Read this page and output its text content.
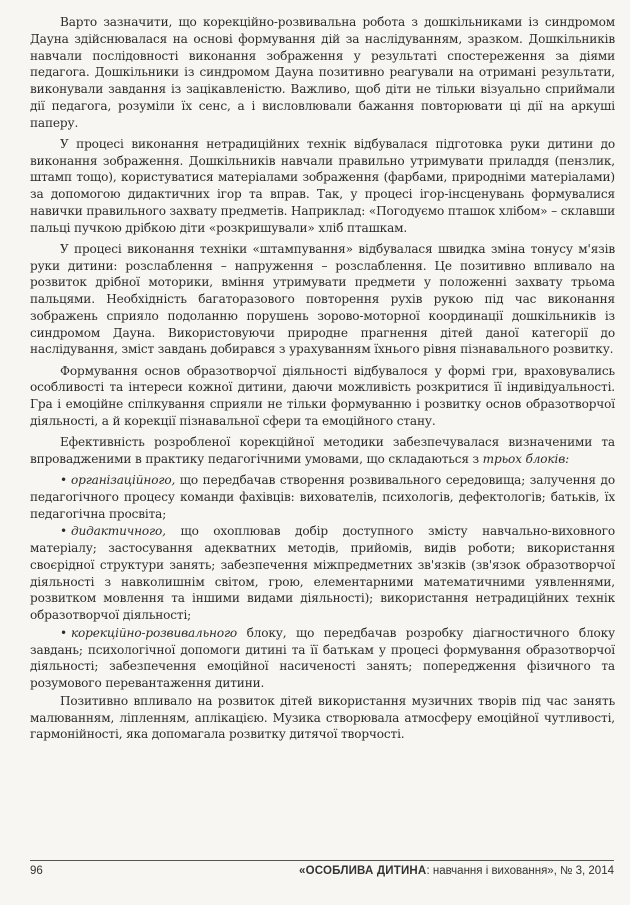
Варто зазначити, що корекційно-розвивальна робота з дошкільниками із синдромом Дауна здійснювалася на основі формування дій за наслідуванням, зразком. Дошкільників навчали послідовності виконання зображення у результаті спостереження за діями педагога. Дошкільники із синдромом Дауна позитивно реагували на отримані результати, виконували завдання із зацікавленістю. Важливо, щоб діти не тільки візуально сприймали дії педагога, розуміли їх сенс, а і висловлювали бажання повторювати ці дії на аркуші паперу.

У процесі виконання нетрадиційних технік відбувалася підготовка руки дитини до виконання зображення. Дошкільників навчали правильно утримувати приладдя (пензлик, штамп тощо), користуватися матеріалами зображення (фарбами, природніми матеріалами) за допомогою дидактичних ігор та вправ. Так, у процесі ігор-інсценувань формувалися навички правильного захвату предметів. Наприклад: «Погодуємо пташок хлібом» – склавши пальці пучкою дрібкою діти «розкришували» хліб пташкам.

У процесі виконання техніки «штампування» відбувалася швидка зміна тонусу м'язів руки дитини: розслаблення – напруження – розслаблення. Це позитивно впливало на розвиток дрібної моторики, вміння утримувати предмети у положенні захвату трьома пальцями. Необхідність багаторазового повторення рухів рукою під час виконання зображень сприяло подоланню порушень зорово-моторної координації дошкільників із синдромом Дауна. Використовуючи природне прагнення дітей даної категорії до наслідування, зміст завдань добирався з урахуванням їхнього рівня пізнавального розвитку.

Формування основ образотворчої діяльності відбувалося у формі гри, враховувались особливості та інтереси кожної дитини, даючи можливість розкритися її індивідуальності. Гра і емоційне спілкування сприяли не тільки формуванню і розвитку основ образотворчої діяльності, а й корекції пізнавальної сфери та емоційного стану.

Ефективність розробленої корекційної методики забезпечувалася визначеними та впровадженими в практику педагогічними умовами, що складаються з трьох блоків:

• організаційного, що передбачав створення розвивального середовища; залучення до педагогічного процесу команди фахівців: вихователів, психологів, дефектологів; батьків, їх педагогічна просвіта;

• дидактичного, що охоплював добір доступного змісту навчально-виховного матеріалу; застосування адекватних методів, прийомів, видів роботи; використання своєрідної структури занять; забезпечення міжпредметних зв'язків (зв'язок образотворчої діяльності з навколишнім світом, грою, елементарними математичними уявленнями, розвитком мовлення та іншими видами діяльності); використання нетрадиційних технік образотворчої діяльності;

• корекційно-розвивального блоку, що передбачав розробку діагностичного блоку завдань; психологічної допомоги дитині та її батькам у процесі формування образотворчої діяльності; забезпечення емоційної насиченості занять; попередження фізичного та розумового перевантаження дитини.

Позитивно впливало на розвиток дітей використання музичних творів під час занять малюванням, ліпленням, аплікацією. Музика створювала атмосферу емоційної чутливості, гармонійності, яка допомагала розвитку дитячої творчості.

96	«ОСОБЛИВА ДИТИНА: навчання і виховання», № 3, 2014
